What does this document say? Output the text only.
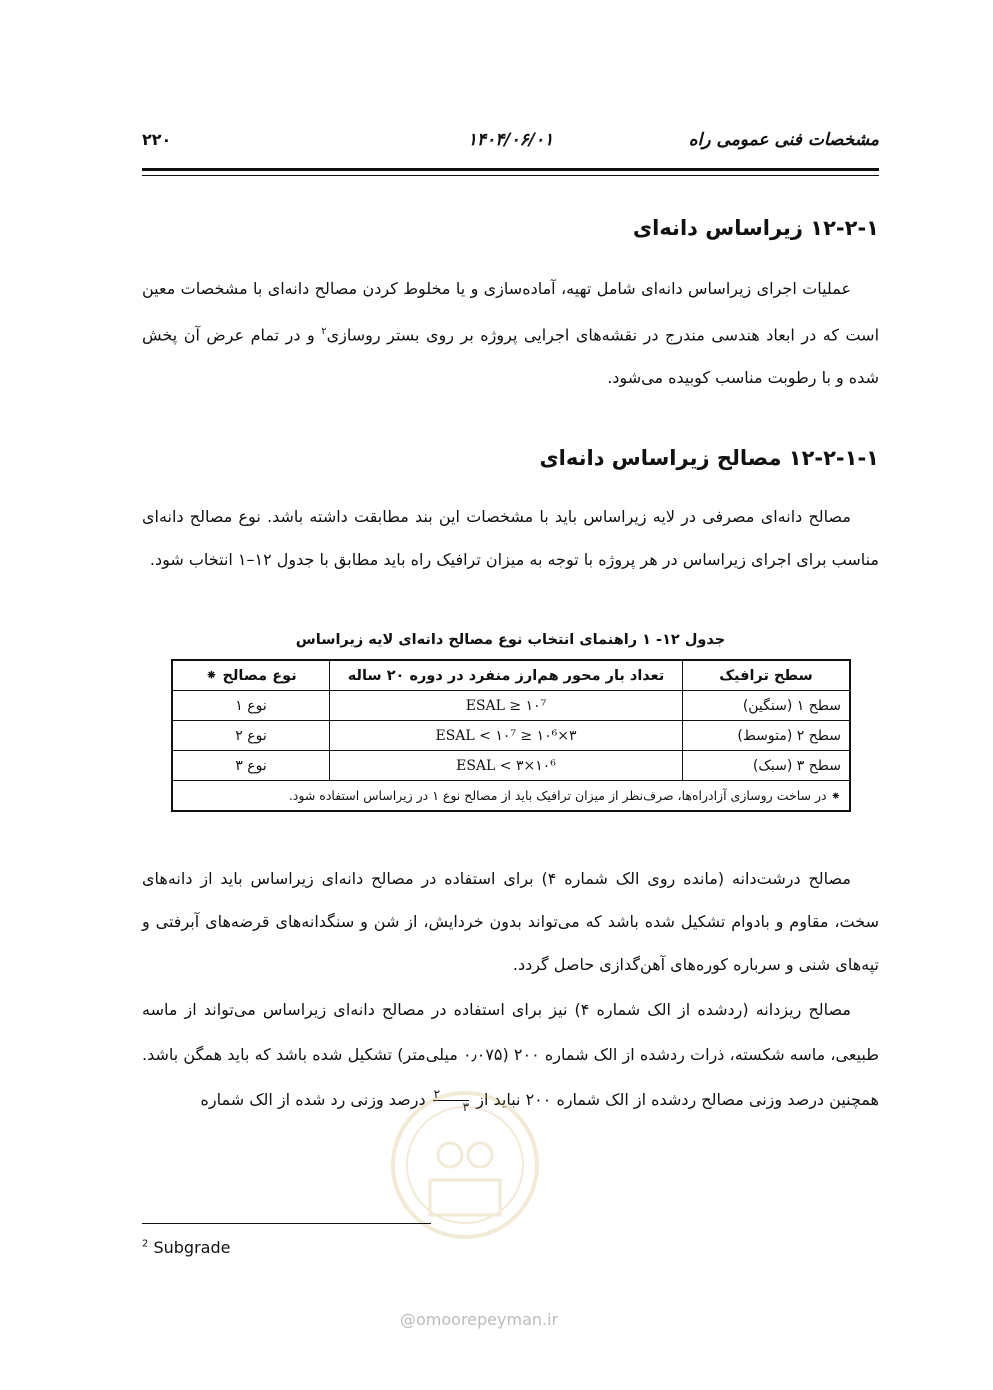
مشخصات فنی عمومی راه
۱۴۰۴/۰۶/۰۱
۲۲۰
۱۲-۲-۱ زیراساس دانه‌ای

عملیات اجرای زیراساس دانه‌ای شامل تهیه، آماده‌سازی و یا مخلوط کردن مصالح دانه‌ای با مشخصات معین است که در ابعاد هندسی مندرج در نقشه‌های اجرایی پروژه بر روی بستر روسازی$^۲$ و در تمام عرض آن پخش شده و با رطوبت مناسب کوبیده می‌شود.

۱۲-۲-۱-۱ مصالح زیراساس دانه‌ای

مصالح دانه‌ای مصرفی در لایه زیراساس باید با مشخصات این بند مطابقت داشته باشد. نوع مصالح دانه‌ای مناسب برای اجرای زیراساس در هر پروژه با توجه به میزان ترافیک راه باید مطابق با جدول ۱۲–۱ انتخاب شود.

جدول ۱۲- ۱ راهنمای انتخاب نوع مصالح دانه‌ای لایه زیراساس
سطح ترافیک	تعداد بار محور هم‌ارز منفرد در دوره ۲۰ ساله	نوع مصالح ⁕
سطح ۱ (سنگین)	۱۰⁷ ≤ ESAL	نوع ۱
سطح ۲ (متوسط)	۳×۱۰⁶ ≤ ESAL < ۱۰⁷	نوع ۲
سطح ۳ (سبک)	ESAL < ۳×۱۰⁶	نوع ۳
⁕ در ساخت روسازی آزادراه‌ها، صرف‌نظر از میزان ترافیک باید از مصالح نوع ۱ در زیراساس استفاده شود.		

مصالح درشت‌دانه (مانده روی الک شماره ۴) برای استفاده در مصالح دانه‌ای زیراساس باید از دانه‌های سخت، مقاوم و بادوام تشکیل شده باشد که می‌تواند بدون خردایش، از شن و سنگدانه‌های قرضه‌های آبرفتی و تپه‌های شنی و سرباره کوره‌های آهن‌گدازی حاصل گردد.

مصالح ریزدانه (ردشده از الک شماره ۴) نیز برای استفاده در مصالح دانه‌ای زیراساس می‌تواند از ماسه طبیعی، ماسه شکسته، ذرات ردشده از الک شماره ۲۰۰ (۰٫۰۷۵ میلی‌متر) تشکیل شده باشد که باید همگن باشد. همچنین درصد وزنی مصالح ردشده از الک شماره ۲۰۰ نباید از
$\frac{۲}{۳}$ درصد وزنی رد شده از الک شماره

@omoorepeyman.ir
$^2$ Subgrade
